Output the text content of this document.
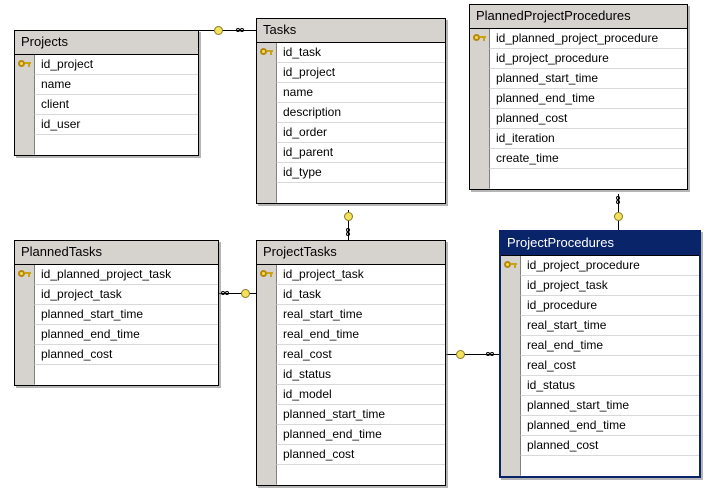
Projects
id_project
name
client
id_user
Tasks
id_task
id_project
name
description
id_order
id_parent
id_type
PlannedProjectProcedures
id_planned_project_procedure
id_project_procedure
planned_start_time
planned_end_time
planned_cost
id_iteration
create_time
PlannedTasks
id_planned_project_task
id_project_task
planned_start_time
planned_end_time
planned_cost
ProjectTasks
id_project_task
id_task
real_start_time
real_end_time
real_cost
id_status
id_model
planned_start_time
planned_end_time
planned_cost
ProjectProcedures
id_project_procedure
id_project_task
id_procedure
real_start_time
real_end_time
real_cost
id_status
planned_start_time
planned_end_time
planned_cost
